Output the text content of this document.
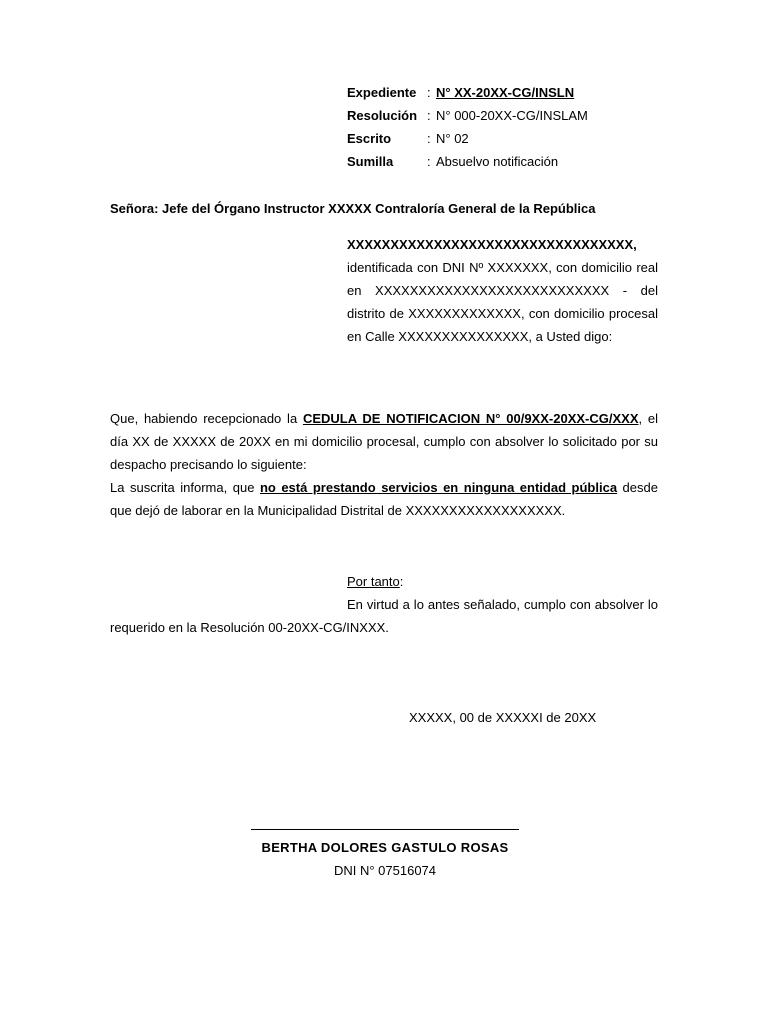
Expediente : N° XX-20XX-CG/INSLN
Resolución : N° 000-20XX-CG/INSLAM
Escrito	: N° 02
Sumilla	: Absuelvo notificación
Señora: Jefe del Órgano Instructor XXXXX Contraloría General de la República

XXXXXXXXXXXXXXXXXXXXXXXXXXXXXXXXX,

identificada con DNI Nº XXXXXXX, con domicilio real en XXXXXXXXXXXXXXXXXXXXXXXXXXX - del distrito de XXXXXXXXXXXXX, con domicilio procesal en Calle XXXXXXXXXXXXXXX, a Usted digo:

Que, habiendo recepcionado la CEDULA DE NOTIFICACION N° 00/9XX-20XX-CG/XXX, el día XX de XXXXX de 20XX en mi domicilio procesal, cumplo con absolver lo solicitado por su despacho precisando lo siguiente:

La suscrita informa, que no está prestando servicios en ninguna entidad pública desde que dejó de laborar en la Municipalidad Distrital de XXXXXXXXXXXXXXXXXX.

Por tanto:

En virtud a lo antes señalado, cumplo con absolver lo requerido en la Resolución 00-20XX-CG/INXXX.

XXXXX, 00 de XXXXXI de 20XX
BERTHA DOLORES GASTULO ROSAS
DNI N° 07516074
